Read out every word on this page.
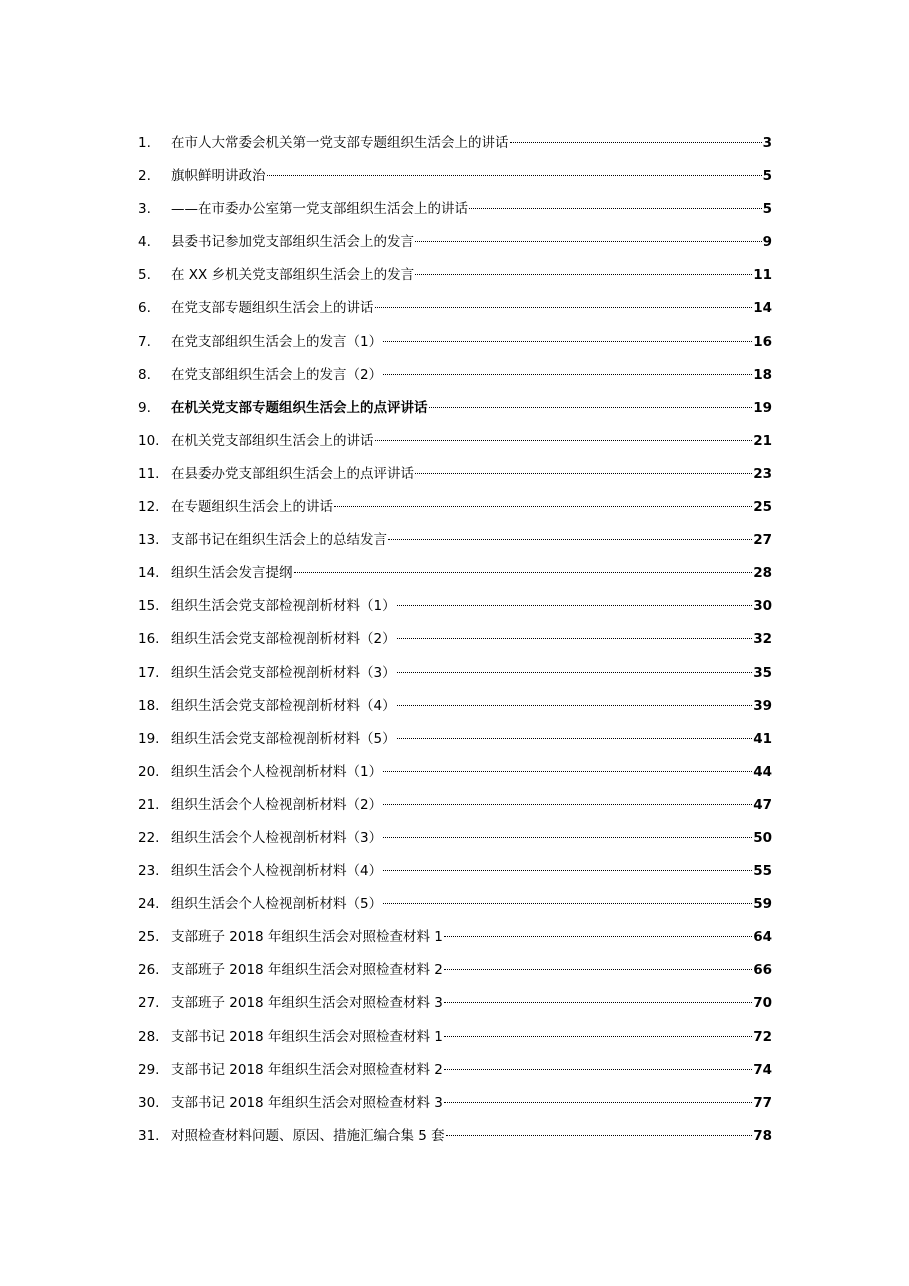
1.	在市人大常委会机关第一党支部专题组织生活会上的讲话	3
2.	旗帜鲜明讲政治	5
3.	——在市委办公室第一党支部组织生活会上的讲话	5
4.	县委书记参加党支部组织生活会上的发言	9
5.	在 XX 乡机关党支部组织生活会上的发言	11
6.	在党支部专题组织生活会上的讲话	14
7.	在党支部组织生活会上的发言（1）	16
8.	在党支部组织生活会上的发言（2）	18
9.	在机关党支部专题组织生活会上的点评讲话	19
10. 在机关党支部组织生活会上的讲话	21
11. 在县委办党支部组织生活会上的点评讲话	23
12. 在专题组织生活会上的讲话	25
13. 支部书记在组织生活会上的总结发言	27
14. 组织生活会发言提纲	28
15. 组织生活会党支部检视剖析材料（1）	30
16. 组织生活会党支部检视剖析材料（2）	32
17. 组织生活会党支部检视剖析材料（3）	35
18. 组织生活会党支部检视剖析材料（4）	39
19. 组织生活会党支部检视剖析材料（5）	41
20. 组织生活会个人检视剖析材料（1）	44
21. 组织生活会个人检视剖析材料（2）	47
22. 组织生活会个人检视剖析材料（3）	50
23. 组织生活会个人检视剖析材料（4）	55
24. 组织生活会个人检视剖析材料（5）	59
25. 支部班子 2018 年组织生活会对照检查材料 1	64
26. 支部班子 2018 年组织生活会对照检查材料 2	66
27. 支部班子 2018 年组织生活会对照检查材料 3	70
28. 支部书记 2018 年组织生活会对照检查材料 1	72
29. 支部书记 2018 年组织生活会对照检查材料 2	74
30. 支部书记 2018 年组织生活会对照检查材料 3	77
31. 对照检查材料问题、原因、措施汇编合集 5 套	78
